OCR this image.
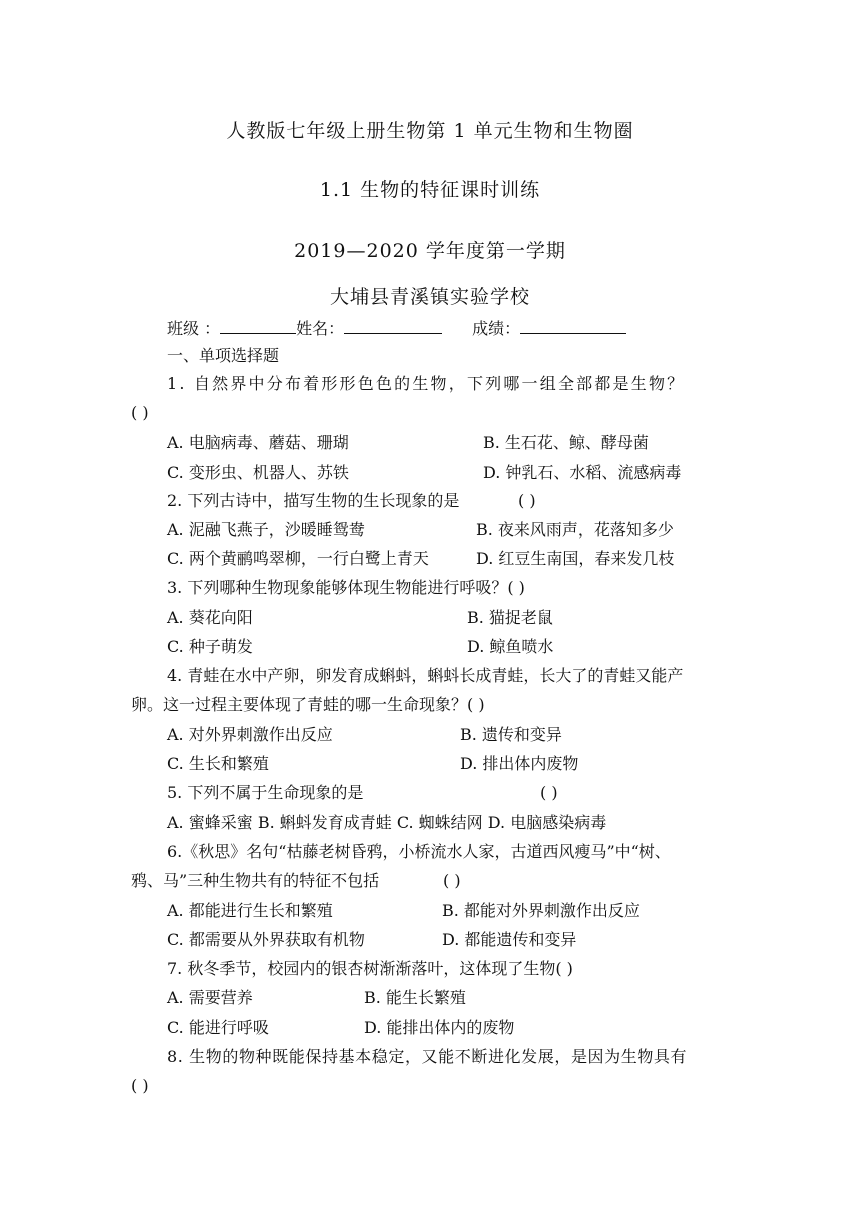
人教版七年级上册生物第 1 单元生物和生物圈
1.1 生物的特征课时训练
2019—2020 学年度第一学期
大埔县青溪镇实验学校
班级 ：	姓名：	成绩：
一、单项选择题
1. 自然界中分布着形形色色的生物，下列哪一组全部都是生物？
( )
A. 电脑病毒、蘑菇、珊瑚	B. 生石花、鲸、酵母菌
C. 变形虫、机器人、苏铁	D. 钟乳石、水稻、流感病毒
2. 下列古诗中，描写生物的生长现象的是	( )
A. 泥融飞燕子，沙暖睡鸳鸯	B. 夜来风雨声，花落知多少
C. 两个黄鹂鸣翠柳，一行白鹭上青天	D. 红豆生南国，春来发几枝
3. 下列哪种生物现象能够体现生物能进行呼吸？( )
A. 葵花向阳	B. 猫捉老鼠
C. 种子萌发	D. 鲸鱼喷水
4. 青蛙在水中产卵，卵发育成蝌蚪，蝌蚪长成青蛙，长大了的青蛙又能产
卵。这一过程主要体现了青蛙的哪一生命现象？( )
A. 对外界刺激作出反应	B. 遗传和变异
C. 生长和繁殖	D. 排出体内废物
5. 下列不属于生命现象的是	( )
A. 蜜蜂采蜜 B. 蝌蚪发育成青蛙 C. 蜘蛛结网 D. 电脑感染病毒
6.《秋思》名句“枯藤老树昏鸦，小桥流水人家，古道西风瘦马”中“树、
鸦、马”三种生物共有的特征不包括	( )
A. 都能进行生长和繁殖	B. 都能对外界刺激作出反应
C. 都需要从外界获取有机物	D. 都能遗传和变异
7. 秋冬季节，校园内的银杏树渐渐落叶，这体现了生物( )
A. 需要营养	B. 能生长繁殖
C. 能进行呼吸	D. 能排出体内的废物
8. 生物的物种既能保持基本稳定，又能不断进化发展，是因为生物具有
( )
